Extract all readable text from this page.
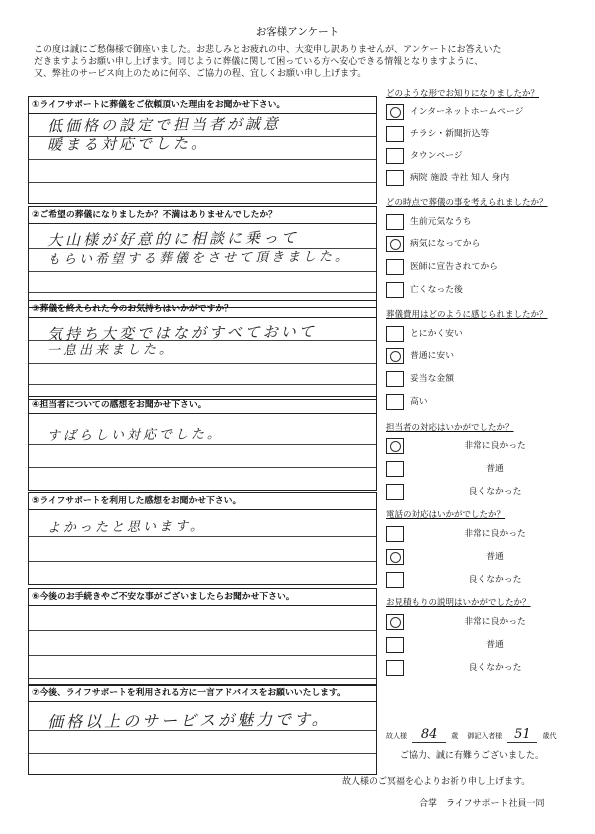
お客様アンケート
この度は誠にご愁傷様で御座いました。お悲しみとお疲れの中、大変申し訳ありませんが、アンケートにお答えいた
だきますようお願い申し上げます。同じように葬儀に関して困っている方へ安心できる情報となりますように、
又、弊社のサービス向上のために何卒、ご協力の程、宜しくお願い申し上げます。
①ライフサポートに葬儀をご依頼頂いた理由をお聞かせ下さい。
低価格の設定で担当者が誠意
暖まる対応でした。
②ご希望の葬儀になりましたか？不満はありませんでしたか？
大山様が好意的に相談に乗って
もらい希望する葬儀をさせて頂きました。
③葬儀を終えられた今のお気持ちはいかがですか？
気持ち大変ではながすべておいて
一息出来ました。
④担当者についての感想をお聞かせ下さい。
すばらしい対応でした。
⑤ライフサポートを利用した感想をお聞かせ下さい。
よかったと思います。
⑥今後のお手続きやご不安な事がございましたらお聞かせ下さい。
⑦今後、ライフサポートを利用される方に一言アドバイスをお願いいたします。
価格以上のサービスが魅力です。
どのような形でお知りになりましたか？
インターネットホームページ
チラシ・新聞折込等
タウンページ
病院 施設 寺社 知人 身内
どの時点で葬儀の事を考えられましたか？
生前元気なうち
病気になってから
医師に宣告されてから
亡くなった後
葬儀費用はどのように感じられましたか？
とにかく安い
普通に安い
妥当な金額
高い
担当者の対応はいかがでしたか？
非常に良かった
普通
良くなかった
電話の対応はいかがでしたか？
非常に良かった
普通
良くなかった
お見積もりの説明はいかがでしたか？
非常に良かった
普通
良くなかった
故人様 84 歳 御記入者様 51 歳代
ご協力、誠に有難うございました。
故人様のご冥福を心よりお祈り申し上げます。
合掌　ライフサポート社員一同
